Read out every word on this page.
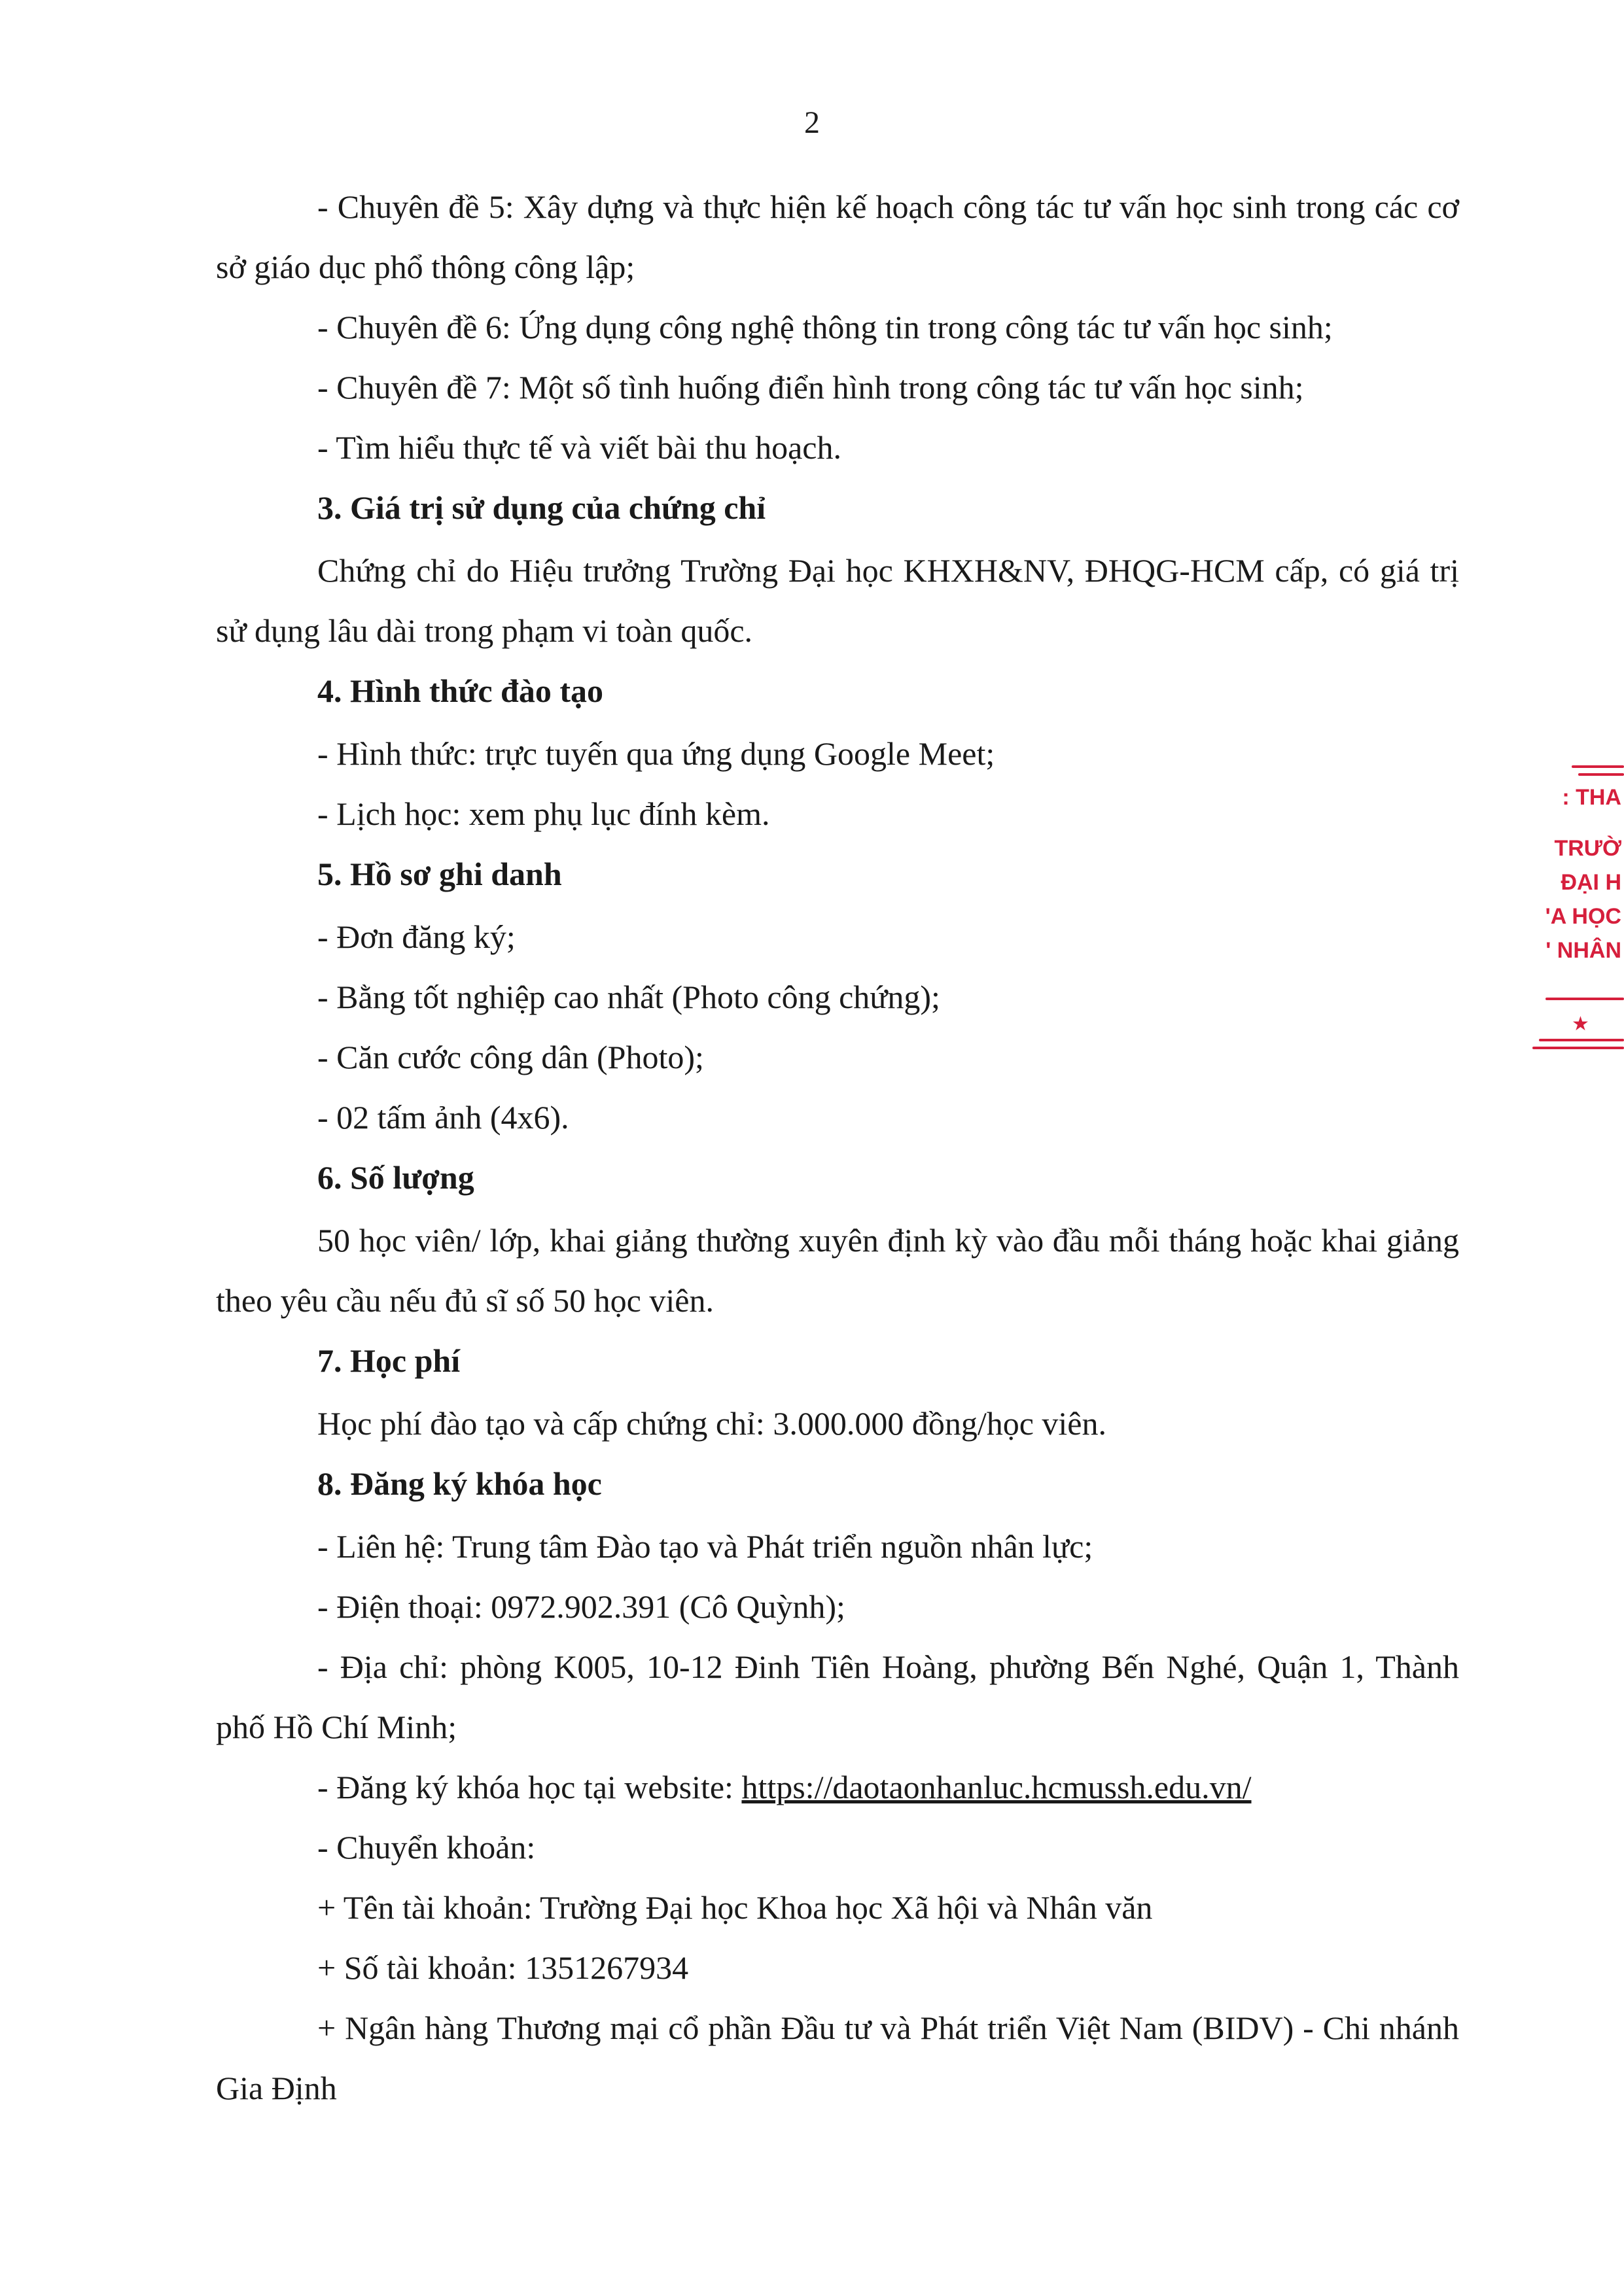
2

- Chuyên đề 5: Xây dựng và thực hiện kế hoạch công tác tư vấn học sinh trong các cơ sở giáo dục phổ thông công lập;

- Chuyên đề 6: Ứng dụng công nghệ thông tin trong công tác tư vấn học sinh;

- Chuyên đề 7: Một số tình huống điển hình trong công tác tư vấn học sinh;

- Tìm hiểu thực tế và viết bài thu hoạch.

3. Giá trị sử dụng của chứng chỉ

Chứng chỉ do Hiệu trưởng Trường Đại học KHXH&NV, ĐHQG-HCM cấp, có giá trị sử dụng lâu dài trong phạm vi toàn quốc.

4. Hình thức đào tạo

- Hình thức: trực tuyến qua ứng dụng Google Meet;

- Lịch học: xem phụ lục đính kèm.

5. Hồ sơ ghi danh

- Đơn đăng ký;

- Bằng tốt nghiệp cao nhất (Photo công chứng);

- Căn cước công dân (Photo);

- 02 tấm ảnh (4x6).

6. Số lượng

50 học viên/ lớp, khai giảng thường xuyên định kỳ vào đầu mỗi tháng hoặc khai giảng theo yêu cầu nếu đủ sĩ số 50 học viên.

7. Học phí

Học phí đào tạo và cấp chứng chỉ: 3.000.000 đồng/học viên.

8. Đăng ký khóa học

- Liên hệ: Trung tâm Đào tạo và Phát triển nguồn nhân lực;

- Điện thoại: 0972.902.391 (Cô Quỳnh);

- Địa chỉ: phòng K005, 10-12 Đinh Tiên Hoàng, phường Bến Nghé, Quận 1, Thành phố Hồ Chí Minh;

- Đăng ký khóa học tại website: https://daotaonhanluc.hcmussh.edu.vn/

- Chuyển khoản:

+ Tên tài khoản: Trường Đại học Khoa học Xã hội và Nhân văn

+ Số tài khoản: 1351267934

+ Ngân hàng Thương mại cổ phần Đầu tư và Phát triển Việt Nam (BIDV) - Chi nhánh Gia Định

: THA
TRƯỜ
ĐẠI H
'A HỌC
' NHÂN
★
